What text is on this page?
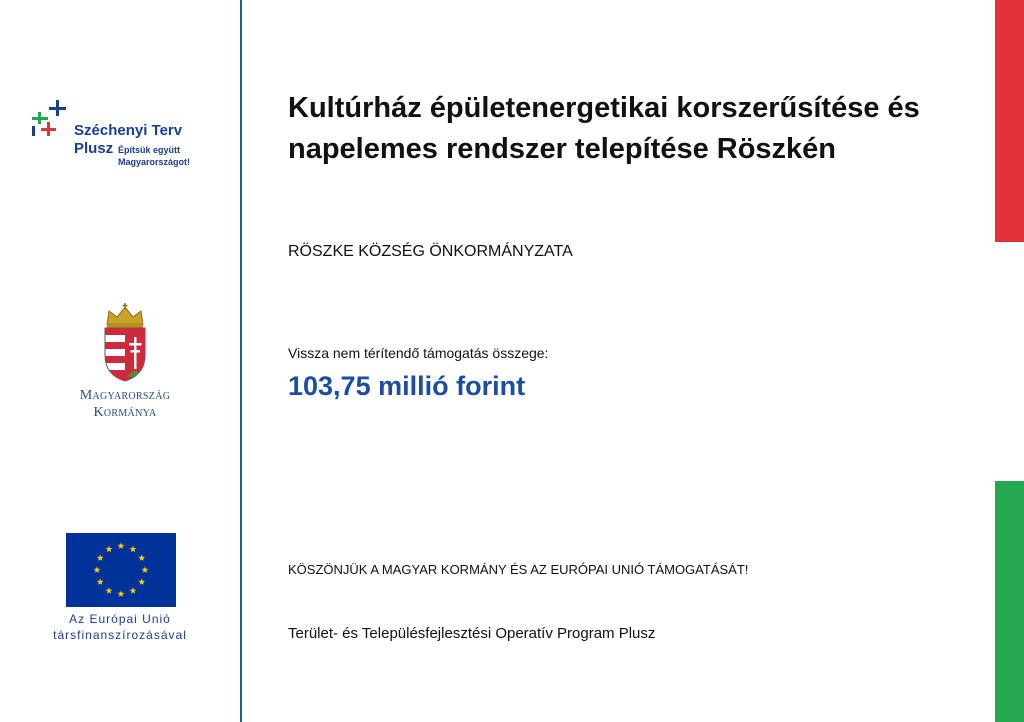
Széchenyi Terv
Plusz Építsük együtt
Magyarországot!
Magyarország
Kormánya
Az Európai Unió
társfinanszírozásával
Kultúrház épületenergetikai korszerűsítése és napelemes rendszer telepítése Röszkén

RÖSZKE KÖZSÉG ÖNKORMÁNYZATA

Vissza nem térítendő támogatás összege:

103,75 millió forint

KÖSZÖNJÜK A MAGYAR KORMÁNY ÉS AZ EURÓPAI UNIÓ TÁMOGATÁSÁT!

Terület- és Településfejlesztési Operatív Program Plusz
